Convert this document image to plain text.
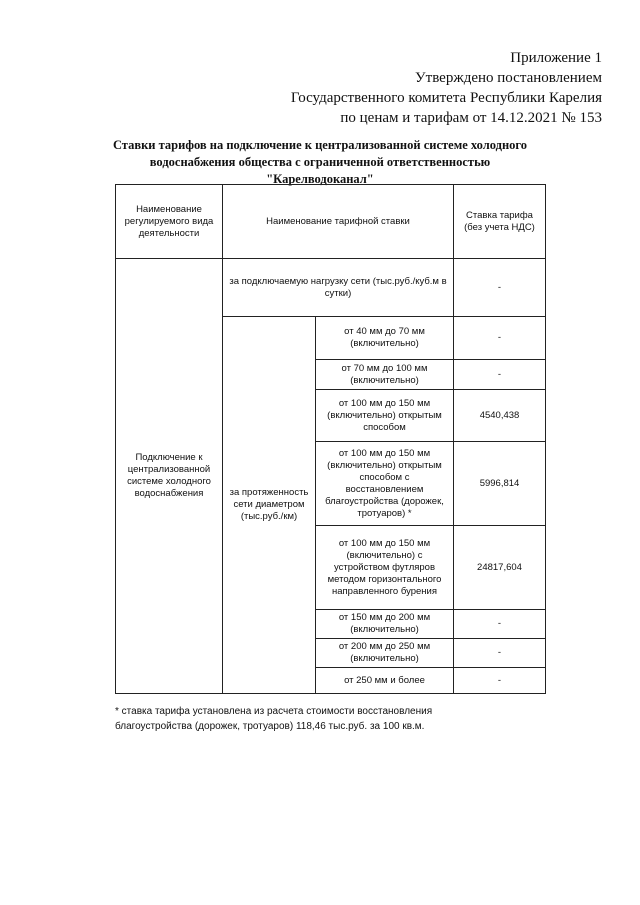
Приложение 1
Утверждено постановлением
Государственного комитета Республики Карелия
по ценам и тарифам от 14.12.2021 № 153
Ставки тарифов на подключение к централизованной системе холодного
водоснабжения общества с ограниченной ответственностью
"Карелводоканал"
Наименование регулируемого вида деятельности	Наименование тарифной ставки		Ставка тарифа (без учета НДС)
Подключение к централизованной системе холодного водоснабжения	за подключаемую нагрузку сети (тыс.руб./куб.м в сутки)		-
	за протяженность сети диаметром (тыс.руб./км)	от 40 мм до 70 мм (включительно)	-
		от 70 мм до 100 мм (включительно)	-
		от 100 мм до 150 мм (включительно) открытым способом	4540,438
		от 100 мм до 150 мм (включительно) открытым способом с восстановлением благоустройства (дорожек, тротуаров) *	5996,814
		от 100 мм до 150 мм (включительно) с устройством футляров методом горизонтального направленного бурения	24817,604
		от 150 мм до 200 мм (включительно)	-
		от 200 мм до 250 мм (включительно)	-
		от 250 мм и более	-
* ставка тарифа установлена из расчета стоимости восстановления
благоустройства (дорожек, тротуаров) 118,46 тыс.руб. за 100 кв.м.
